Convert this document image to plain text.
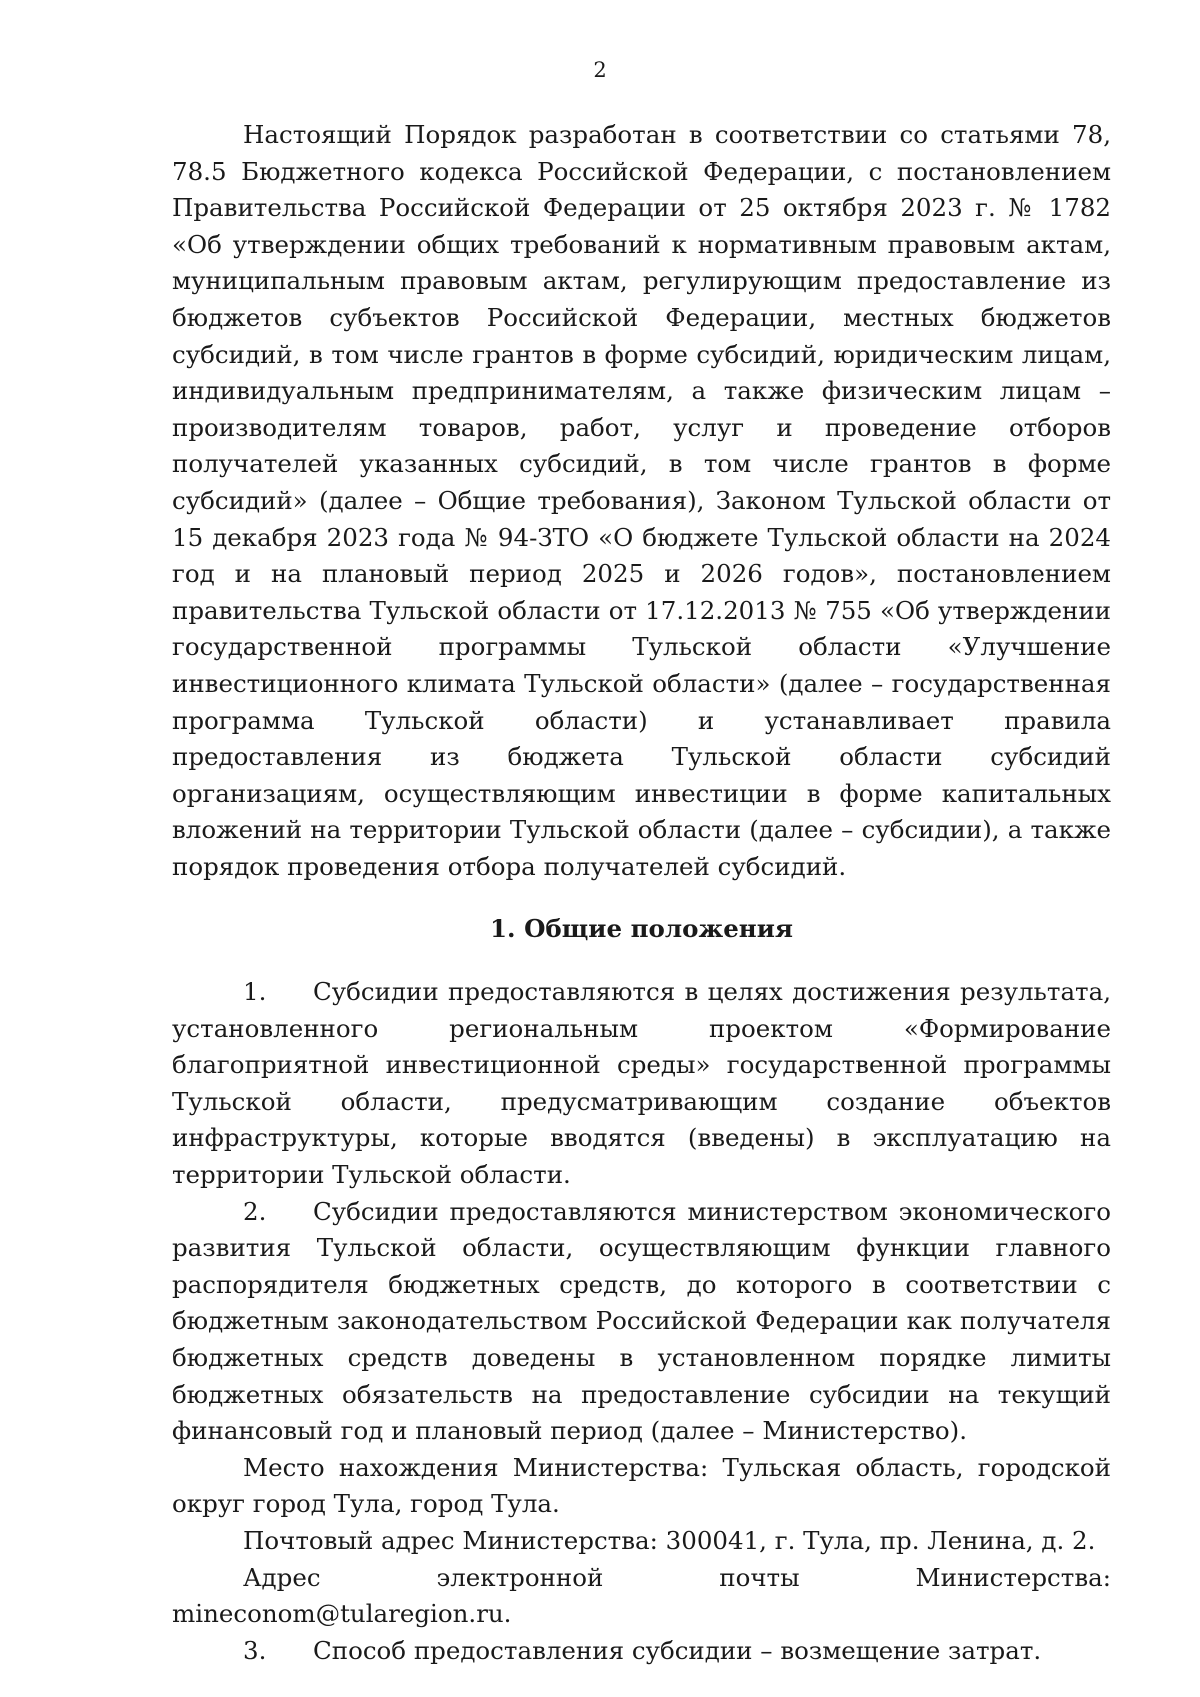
2

Настоящий Порядок разработан в соответствии со статьями 78, 78.5 Бюджетного кодекса Российской Федерации, с постановлением Правительства Российской Федерации от 25 октября 2023 г. № 1782 «Об утверждении общих требований к нормативным правовым актам, муниципальным правовым актам, регулирующим предоставление из бюджетов субъектов Российской Федерации, местных бюджетов субсидий, в том числе грантов в форме субсидий, юридическим лицам, индивидуальным предпринимателям, а также физическим лицам – производителям товаров, работ, услуг и проведение отборов получателей указанных субсидий, в том числе грантов в форме субсидий» (далее – Общие требования), Законом Тульской области от 15 декабря 2023 года № 94-ЗТО «О бюджете Тульской области на 2024 год и на плановый период 2025 и 2026 годов», постановлением правительства Тульской области от 17.12.2013 № 755 «Об утверждении государственной программы Тульской области «Улучшение инвестиционного климата Тульской области» (далее – государственная программа Тульской области) и устанавливает правила предоставления из бюджета Тульской области субсидий организациям, осуществляющим инвестиции в форме капитальных вложений на территории Тульской области (далее – субсидии), а также порядок проведения отбора получателей субсидий.

1. Общие положения

1. Субсидии предоставляются в целях достижения результата, установленного региональным проектом «Формирование благоприятной инвестиционной среды» государственной программы Тульской области, предусматривающим создание объектов инфраструктуры, которые вводятся (введены) в эксплуатацию на территории Тульской области.

2. Субсидии предоставляются министерством экономического развития Тульской области, осуществляющим функции главного распорядителя бюджетных средств, до которого в соответствии с бюджетным законодательством Российской Федерации как получателя бюджетных средств доведены в установленном порядке лимиты бюджетных обязательств на предоставление субсидии на текущий финансовый год и плановый период (далее – Министерство).

Место нахождения Министерства: Тульская область, городской округ город Тула, город Тула.

Почтовый адрес Министерства: 300041, г. Тула, пр. Ленина, д. 2.

Адрес электронной почты Министерства: mineconom@tularegion.ru.

3. Способ предоставления субсидии – возмещение затрат.
